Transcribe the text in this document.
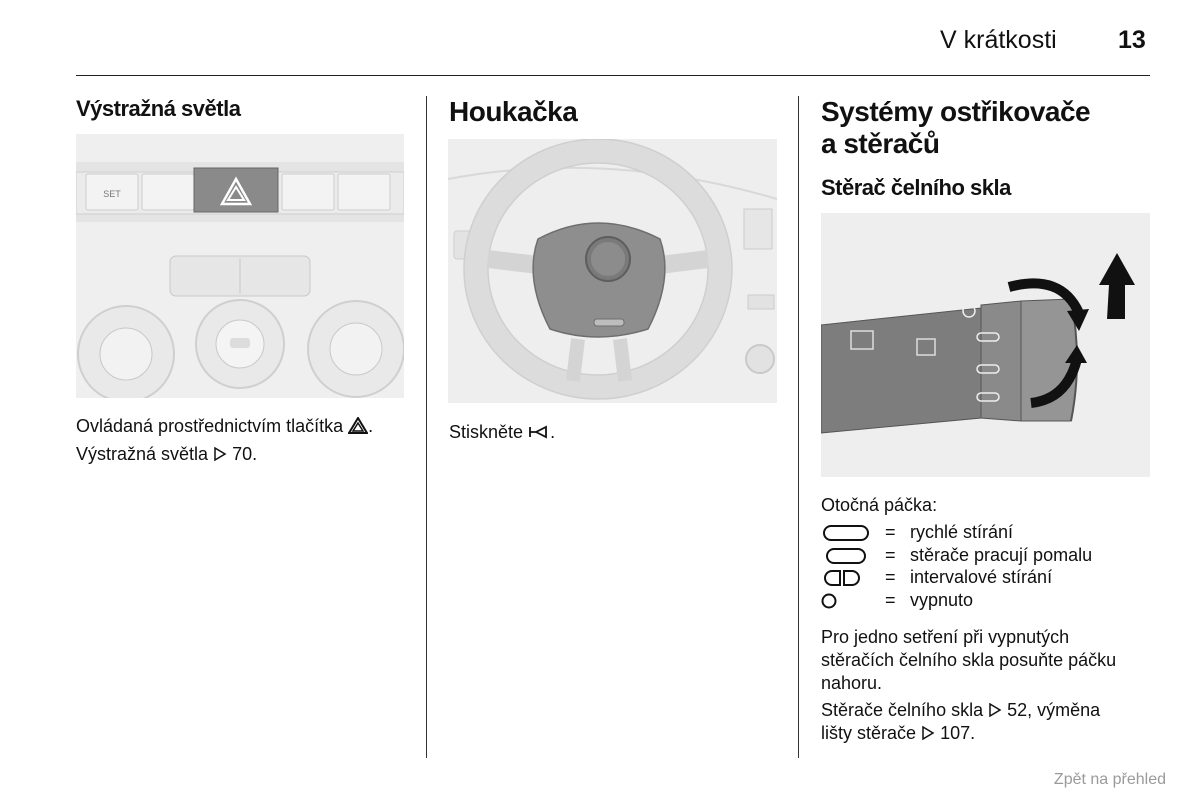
V krátkosti 13
Výstražná světla
SET

Ovládaná prostřednictvím tlačítka .

Výstražná světla 70.

Houkačka

Stiskněte .

Systémy ostřikovače
a stěračů
Stěrač čelního skla
Otočná páčka:
= rychlé stírání
= stěrače pracují pomalu
= intervalové stírání
= vypnuto
Pro jedno setření při vypnutých
stěračích čelního skla posuňte páčku
nahoru.
Stěrače čelního skla 52, výměna
lišty stěrače 107.
Zpět na přehled
